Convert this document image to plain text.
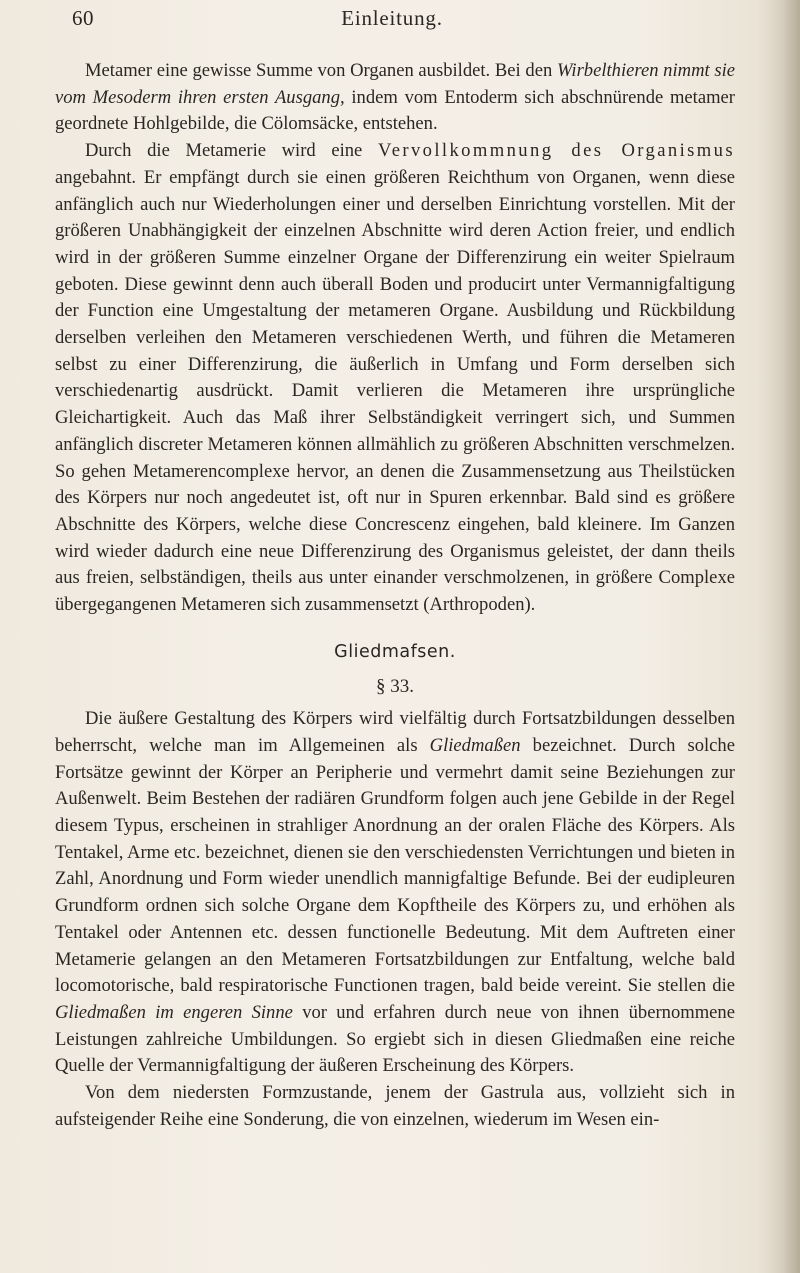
60	Einleitung.

Metamer eine gewisse Summe von Organen ausbildet. Bei den Wirbelthieren nimmt sie vom Mesoderm ihren ersten Ausgang, indem vom Entoderm sich abschnürende metamer geordnete Hohlgebilde, die Cölomsäcke, entstehen.

Durch die Metamerie wird eine Vervollkommnung des Organismus angebahnt. Er empfängt durch sie einen größeren Reichthum von Organen, wenn diese anfänglich auch nur Wiederholungen einer und derselben Einrichtung vorstellen. Mit der größeren Unabhängigkeit der einzelnen Abschnitte wird deren Action freier, und endlich wird in der größeren Summe einzelner Organe der Differenzirung ein weiter Spielraum geboten. Diese gewinnt denn auch überall Boden und producirt unter Vermannigfaltigung der Function eine Umgestaltung der metameren Organe. Ausbildung und Rückbildung derselben verleihen den Metameren verschiedenen Werth, und führen die Metameren selbst zu einer Differenzirung, die äußerlich in Umfang und Form derselben sich verschiedenartig ausdrückt. Damit verlieren die Metameren ihre ursprüngliche Gleichartigkeit. Auch das Maß ihrer Selbständigkeit verringert sich, und Summen anfänglich discreter Metameren können allmählich zu größeren Abschnitten verschmelzen. So gehen Metamerencomplexe hervor, an denen die Zusammensetzung aus Theilstücken des Körpers nur noch angedeutet ist, oft nur in Spuren erkennbar. Bald sind es größere Abschnitte des Körpers, welche diese Concrescenz eingehen, bald kleinere. Im Ganzen wird wieder dadurch eine neue Differenzirung des Organismus geleistet, der dann theils aus freien, selbständigen, theils aus unter einander verschmolzenen, in größere Complexe übergegangenen Metameren sich zusammensetzt (Arthropoden).

Gliedmafsen.
§ 33.

Die äußere Gestaltung des Körpers wird vielfältig durch Fortsatzbildungen desselben beherrscht, welche man im Allgemeinen als Gliedmaßen bezeichnet. Durch solche Fortsätze gewinnt der Körper an Peripherie und vermehrt damit seine Beziehungen zur Außenwelt. Beim Bestehen der radiären Grundform folgen auch jene Gebilde in der Regel diesem Typus, erscheinen in strahliger Anordnung an der oralen Fläche des Körpers. Als Tentakel, Arme etc. bezeichnet, dienen sie den verschiedensten Verrichtungen und bieten in Zahl, Anordnung und Form wieder unendlich mannigfaltige Befunde. Bei der eudipleuren Grundform ordnen sich solche Organe dem Kopftheile des Körpers zu, und erhöhen als Tentakel oder Antennen etc. dessen functionelle Bedeutung. Mit dem Auftreten einer Metamerie gelangen an den Metameren Fortsatzbildungen zur Entfaltung, welche bald locomotorische, bald respiratorische Functionen tragen, bald beide vereint. Sie stellen die Gliedmaßen im engeren Sinne vor und erfahren durch neue von ihnen übernommene Leistungen zahlreiche Umbildungen. So ergiebt sich in diesen Gliedmaßen eine reiche Quelle der Vermannigfaltigung der äußeren Erscheinung des Körpers.

Von dem niedersten Formzustande, jenem der Gastrula aus, vollzieht sich in aufsteigender Reihe eine Sonderung, die von einzelnen, wiederum im Wesen ein-
